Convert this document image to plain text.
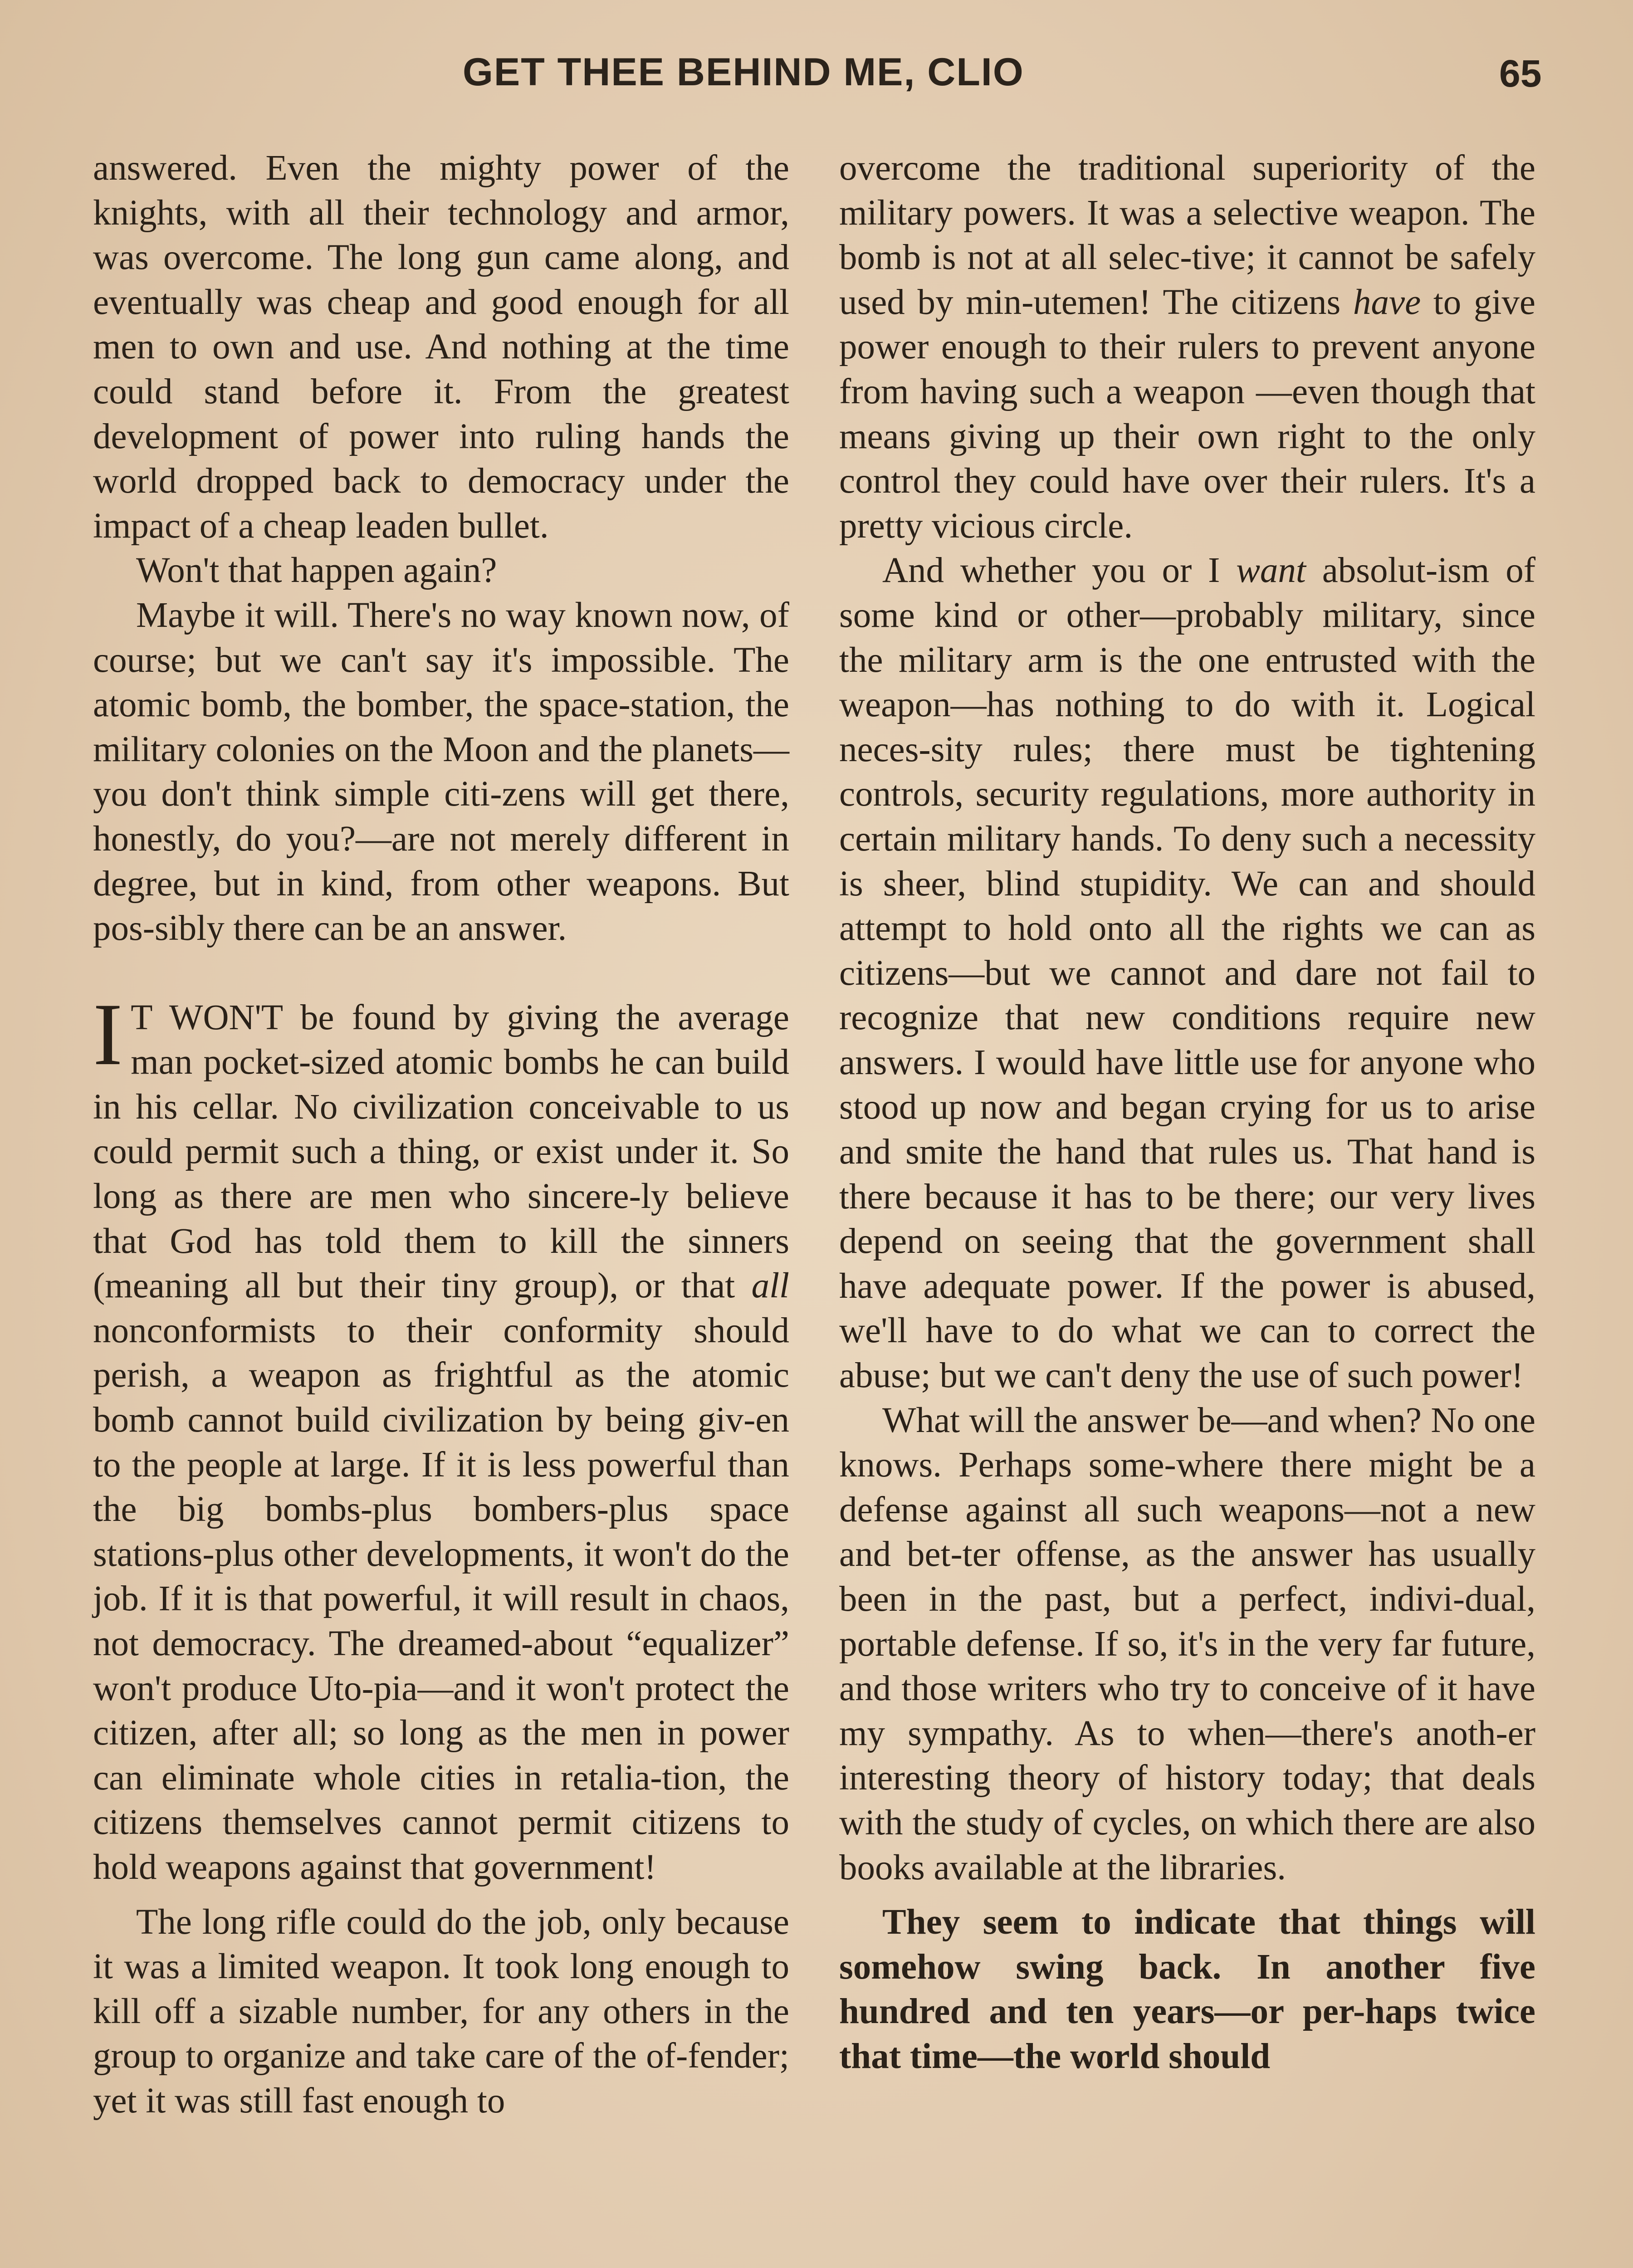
GET THEE BEHIND ME, CLIO	65

answered. Even the mighty power of the knights, with all their technology and armor, was overcome. The long gun came along, and eventually was cheap and good enough for all men to own and use. And nothing at the time could stand before it. From the greatest development of power into ruling hands the world dropped back to democracy under the impact of a cheap leaden bullet.

Won't that happen again?

Maybe it will. There's no way known now, of course; but we can't say it's impossible. The atomic bomb, the bomber, the space-station, the military colonies on the Moon and the planets—you don't think simple citi-zens will get there, honestly, do you?—are not merely different in degree, but in kind, from other weapons. But pos-sibly there can be an answer.

I T WON'T be found by giving the average man pocket-sized atomic bombs he can build in his cellar. No civilization conceivable to us could permit such a thing, or exist under it. So long as there are men who sincere-ly believe that God has told them to kill the sinners (meaning all but their tiny group), or that all nonconformists to their conformity should perish, a weapon as frightful as the atomic bomb cannot build civilization by being giv-en to the people at large. If it is less powerful than the big bombs-plus bombers-plus space stations-plus other developments, it won't do the job. If it is that powerful, it will result in chaos, not democracy. The dreamed-about “equalizer” won't produce Uto-pia—and it won't protect the citizen, after all; so long as the men in power can eliminate whole cities in retalia-tion, the citizens themselves cannot permit citizens to hold weapons against that government!

The long rifle could do the job, only because it was a limited weapon. It took long enough to kill off a sizable number, for any others in the group to organize and take care of the of-fender; yet it was still fast enough to

overcome the traditional superiority of the military powers. It was a selective weapon. The bomb is not at all selec-tive; it cannot be safely used by min-utemen! The citizens have to give power enough to their rulers to prevent anyone from having such a weapon —even though that means giving up their own right to the only control they could have over their rulers. It's a pretty vicious circle.

And whether you or I want absolut-ism of some kind or other—probably military, since the military arm is the one entrusted with the weapon—has nothing to do with it. Logical neces-sity rules; there must be tightening controls, security regulations, more authority in certain military hands. To deny such a necessity is sheer, blind stupidity. We can and should attempt to hold onto all the rights we can as citizens—but we cannot and dare not fail to recognize that new conditions require new answers. I would have little use for anyone who stood up now and began crying for us to arise and smite the hand that rules us. That hand is there because it has to be there; our very lives depend on seeing that the government shall have adequate power. If the power is abused, we'll have to do what we can to correct the abuse; but we can't deny the use of such power!

What will the answer be—and when? No one knows. Perhaps some-where there might be a defense against all such weapons—not a new and bet-ter offense, as the answer has usually been in the past, but a perfect, indivi-dual, portable defense. If so, it's in the very far future, and those writers who try to conceive of it have my sympathy. As to when—there's anoth-er interesting theory of history today; that deals with the study of cycles, on which there are also books available at the libraries.

They seem to indicate that things will somehow swing back. In another five hundred and ten years—or per-haps twice that time—the world should
